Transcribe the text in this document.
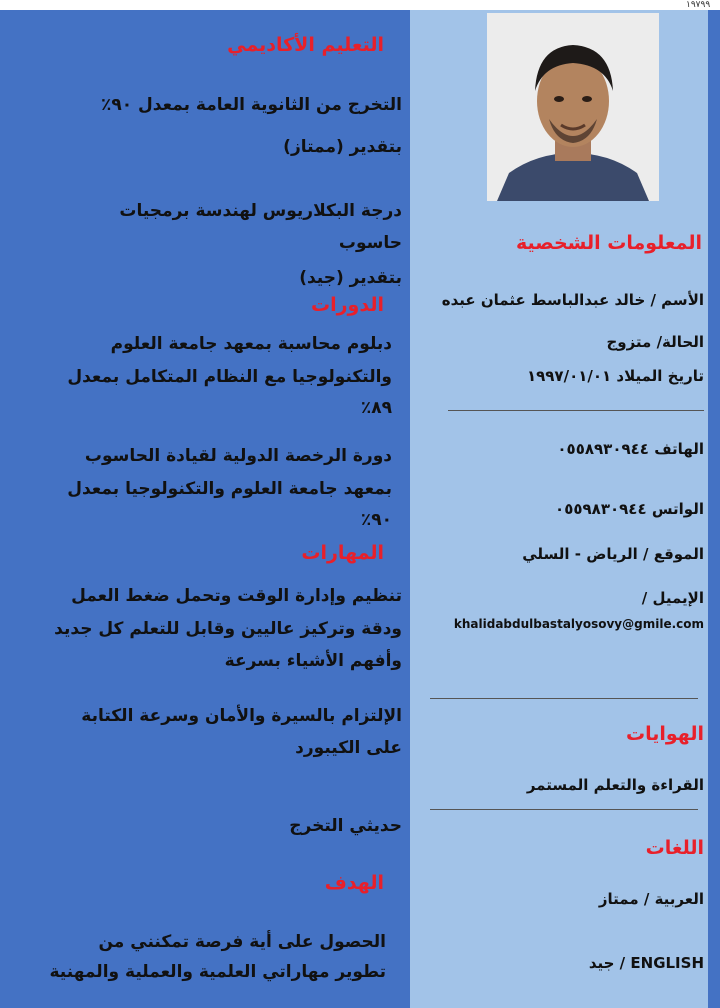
١٩٧٩٩
التعليم الأكاديمي
التخرج من الثانوية العامة بمعدل ٩٠٪
بتقدير (ممتاز)
درجة البكلاريوس لهندسة برمجيات
حاسوب
الدورات
دبلوم محاسبة بمعهد جامعة العلوم
والتكنولوجيا مع النظام المتكامل بمعدل
٨٩٪
دورة الرخصة الدولية لقيادة الحاسوب
بمعهد جامعة العلوم والتكنولوجيا بمعدل
٩٠٪
المهارات
تنظيم وإدارة الوقت وتحمل ضغط العمل
ودقة وتركيز عاليين وقابل للتعلم كل جديد
وأفهم الأشياء بسرعة
الإلتزام بالسيرة والأمان وسرعة الكتابة
على الكيبورد
حديثي التخرج
الهدف
الحصول على أية فرصة تمكنني من
تطوير مهاراتي العلمية والعملية والمهنية
المعلومات الشخصية
الأسم / خالد عبدالباسط عثمان عبده
الحالة/ متزوج
تاريخ الميلاد ١٩٩٧/٠١/٠١
الهاتف ٠٥٥٨٩٣٠٩٤٤
الواتس ٠٥٥٩٨٣٠٩٤٤
الموقع / الرياض - السلي
الإيميل /
khalidabdulbastalyosovy@gmile.com
الهوايات
القراءة والتعلم المستمر
اللغات
العربية / ممتاز
ENGLISH / جيد
